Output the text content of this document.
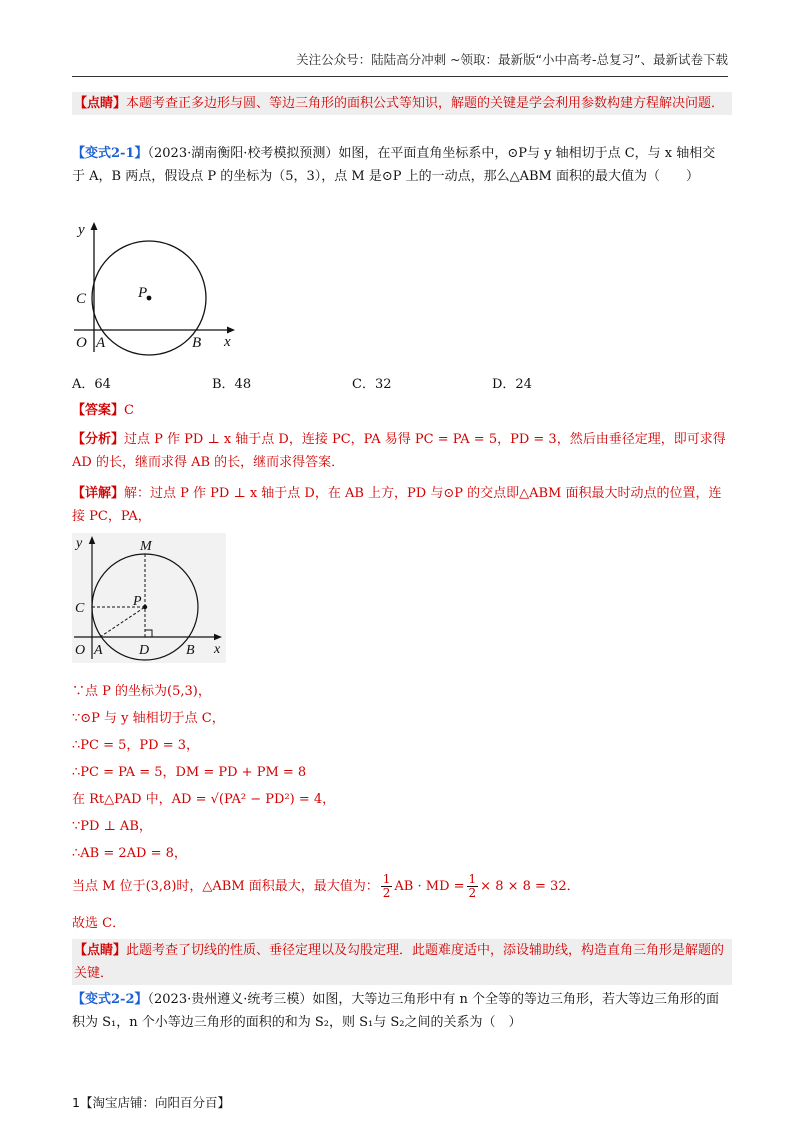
关注公众号：陆陆高分冲刺 ~领取：最新版“小中高考-总复习”、最新试卷下载
【点睛】本题考查正多边形与圆、等边三角形的面积公式等知识，解题的关键是学会利用参数构建方程解决问题．
【变式2-1】（2023·湖南衡阳·校考模拟预测）如图，在平面直角坐标系中，⊙P与 y 轴相切于点 C，与 x 轴相交于 A，B 两点，假设点 P 的坐标为（5，3），点 M 是⊙P 上的一动点，那么△ABM 面积的最大值为（　　）
y
x
O A	B
C	P
A．64	B．48	C．32	D．24
【答案】C
【分析】过点 P 作 PD ⊥ x 轴于点 D，连接 PC，PA 易得 PC = PA = 5，PD = 3，然后由垂径定理，即可求得 AD 的长，继而求得 AB 的长，继而求得答案．
【详解】解：过点 P 作 PD ⊥ x 轴于点 D，在 AB 上方，PD 与⊙P 的交点即△ABM 面积最大时动点的位置，连接 PC，PA，
y
x
O A	B
C	P
D
M
∵点 P 的坐标为(5,3)，
∵⊙P 与 y 轴相切于点 C，
∴PC = 5，PD = 3，
∴PC = PA = 5，DM = PD + PM = 8
在 Rt△PAD 中，AD = √(PA² − PD²) = 4，
∵PD ⊥ AB，
∴AB = 2AD = 8，
当点 M 位于(3,8)时，△ABM 面积最大，最大值为： $\frac{1}{2}$ AB · MD = $\frac{1}{2} \times 8 \times 8 = 32$．
故选 C．
【点睛】此题考查了切线的性质、垂径定理以及勾股定理．此题难度适中，添设辅助线，构造直角三角形是解题的关键．
【变式2-2】（2023·贵州遵义·统考三模）如图，大等边三角形中有 n 个全等的等边三角形，若大等边三角形的面积为 S₁，n 个小等边三角形的面积的和为 S₂，则 S₁与 S₂之间的关系为（　）
1【淘宝店铺：向阳百分百】
